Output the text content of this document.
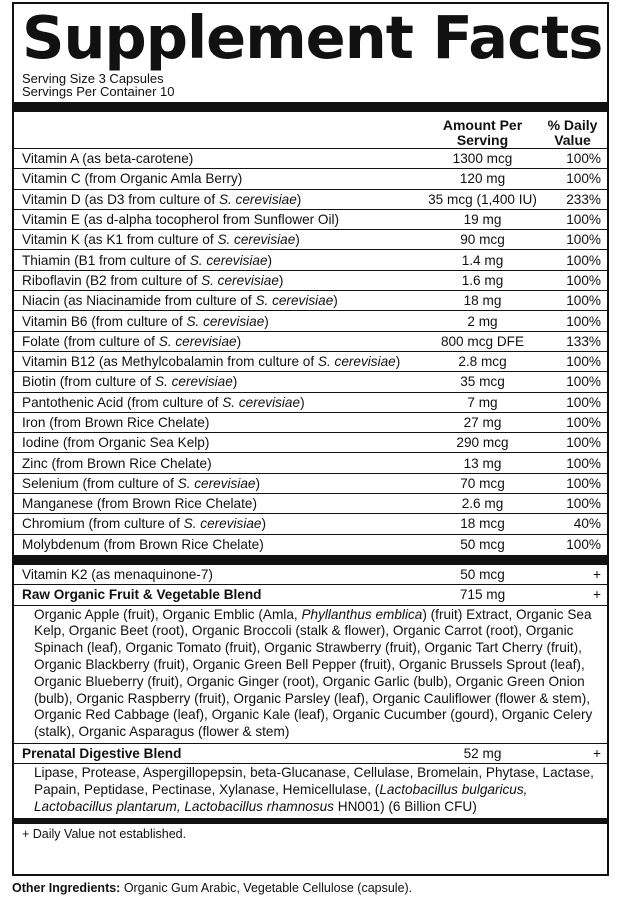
Supplement Facts
Serving Size 3 Capsules
Servings Per Container 10
Amount Per Serving
% Daily Value
Vitamin A (as beta-carotene)	1300 mcg	100%
Vitamin C (from Organic Amla Berry)	120 mg	100%
Vitamin D (as D3 from culture of S. cerevisiae)	35 mcg (1,400 IU)	233%
Vitamin E (as d-alpha tocopherol from Sunflower Oil)	19 mg	100%
Vitamin K (as K1 from culture of S. cerevisiae)	90 mcg	100%
Thiamin (B1 from culture of S. cerevisiae)	1.4 mg	100%
Riboflavin (B2 from culture of S. cerevisiae)	1.6 mg	100%
Niacin (as Niacinamide from culture of S. cerevisiae)	18 mg	100%
Vitamin B6 (from culture of S. cerevisiae)	2 mg	100%
Folate (from culture of S. cerevisiae)	800 mcg DFE	133%
Vitamin B12 (as Methylcobalamin from culture of S. cerevisiae)	2.8 mcg	100%
Biotin (from culture of S. cerevisiae)	35 mcg	100%
Pantothenic Acid (from culture of S. cerevisiae)	7 mg	100%
Iron (from Brown Rice Chelate)	27 mg	100%
Iodine (from Organic Sea Kelp)	290 mcg	100%
Zinc (from Brown Rice Chelate)	13 mg	100%
Selenium (from culture of S. cerevisiae)	70 mcg	100%
Manganese (from Brown Rice Chelate)	2.6 mg	100%
Chromium (from culture of S. cerevisiae)	18 mcg	40%
Molybdenum (from Brown Rice Chelate)	50 mcg	100%
Vitamin K2 (as menaquinone-7)	50 mcg	+
Raw Organic Fruit & Vegetable Blend	715 mg	+
Organic Apple (fruit), Organic Emblic (Amla, Phyllanthus emblica) (fruit) Extract, Organic Sea Kelp, Organic Beet (root), Organic Broccoli (stalk & flower), Organic Carrot (root), Organic Spinach (leaf), Organic Tomato (fruit), Organic Strawberry (fruit), Organic Tart Cherry (fruit), Organic Blackberry (fruit), Organic Green Bell Pepper (fruit), Organic Brussels Sprout (leaf), Organic Blueberry (fruit), Organic Ginger (root), Organic Garlic (bulb), Organic Green Onion (bulb), Organic Raspberry (fruit), Organic Parsley (leaf), Organic Cauliflower (flower & stem), Organic Red Cabbage (leaf), Organic Kale (leaf), Organic Cucumber (gourd), Organic Celery (stalk), Organic Asparagus (flower & stem)
Prenatal Digestive Blend	52 mg	+
Lipase, Protease, Aspergillopepsin, beta-Glucanase, Cellulase, Bromelain, Phytase, Lactase, Papain, Peptidase, Pectinase, Xylanase, Hemicellulase, (Lactobacillus bulgaricus, Lactobacillus plantarum, Lactobacillus rhamnosus HN001) (6 Billion CFU)
+ Daily Value not established.
Other Ingredients: Organic Gum Arabic, Vegetable Cellulose (capsule).
